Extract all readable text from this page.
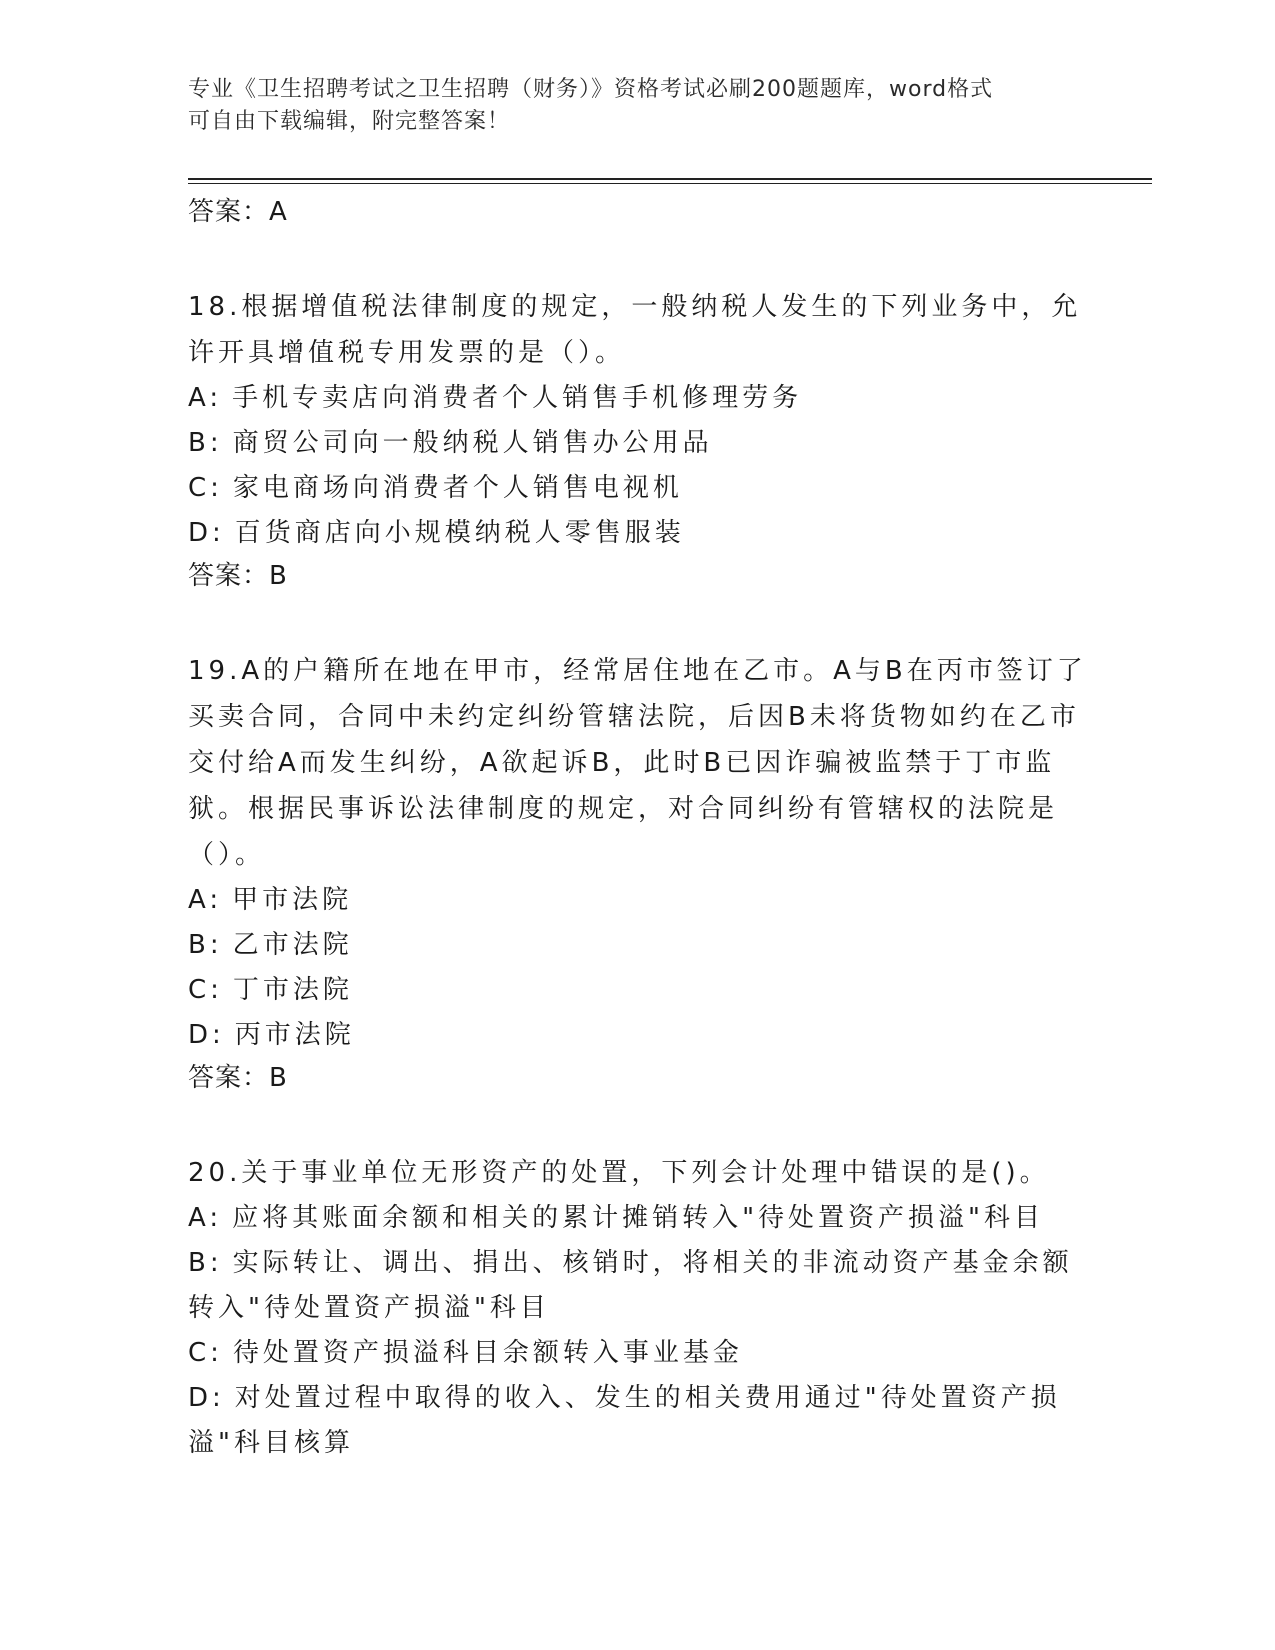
专业《卫生招聘考试之卫生招聘（财务）》资格考试必刷200题题库，word格式
可自由下载编辑，附完整答案！

答案：A

18.根据增值税法律制度的规定，一般纳税人发生的下列业务中，允许开具增值税专用发票的是（）。

A: 手机专卖店向消费者个人销售手机修理劳务

B: 商贸公司向一般纳税人销售办公用品

C: 家电商场向消费者个人销售电视机

D: 百货商店向小规模纳税人零售服装

答案：B

19.A的户籍所在地在甲市，经常居住地在乙市。A与B在丙市签订了买卖合同，合同中未约定纠纷管辖法院，后因B未将货物如约在乙市交付给A而发生纠纷，A欲起诉B，此时B已因诈骗被监禁于丁市监狱。根据民事诉讼法律制度的规定，对合同纠纷有管辖权的法院是（）。

A: 甲市法院

B: 乙市法院

C: 丁市法院

D: 丙市法院

答案：B

20.关于事业单位无形资产的处置，下列会计处理中错误的是()。

A: 应将其账面余额和相关的累计摊销转入"待处置资产损溢"科目

B: 实际转让、调出、捐出、核销时，将相关的非流动资产基金余额转入"待处置资产损溢"科目

C: 待处置资产损溢科目余额转入事业基金

D: 对处置过程中取得的收入、发生的相关费用通过"待处置资产损溢"科目核算
